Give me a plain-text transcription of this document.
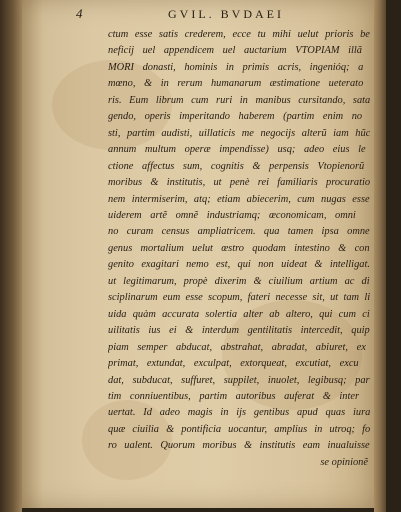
4	GVIL. BVDAEI
ctum esse satis crederem, ecce tu mihi uelut prioris be
neficij uel appendicem uel auctarium VTOPIAM illã
MORI donasti, hominis in primis acris, ingenióq; a
mœno, & in rerum humanarum æstimatione ueterato
ris. Eum librum cum ruri in manibus cursitando, sata
gendo, operis imperitando haberem (partim enim no
sti, partim audisti, uillaticis me negocijs alterũ iam hũc
annum multum operæ impendisse) usq; adeo eius le
ctione affectus sum, cognitis & perpensis Vtopienorũ
moribus & institutis, ut penè rei familiaris procuratio
nem intermiserim, atq; etiam abiecerim, cum nugas esse
uiderem artẽ omnẽ industriamq; œconomicam, omni
no curam census ampliatricem. qua tamen ipsa omne
genus mortalium uelut œstro quodam intestino & con
genito exagitari nemo est, qui non uideat & intelligat.
ut legitimarum, propè dixerim & ciuilium artium ac di
sciplinarum eum esse scopum, fateri necesse sit, ut tam li
uida quàm accurata solertia alter ab altero, qui cum ci
uilitatis ius ei & interdum gentilitatis intercedit, quip
piam semper abducat, abstrahat, abradat, abiuret, ex
primat, extundat, exculpat, extorqueat, excutiat, excu
dat, subducat, suffuret, suppilet, inuolet, legibusq; par
tim conniuentibus, partim autoribus auferat & inter
uertat. Id adeo magis in ijs gentibus apud quas iura
quæ ciuilia & pontificia uocantur, amplius in utroq; fo
ro ualent. Quorum moribus & institutis eam inualuisse
se opinionẽ
